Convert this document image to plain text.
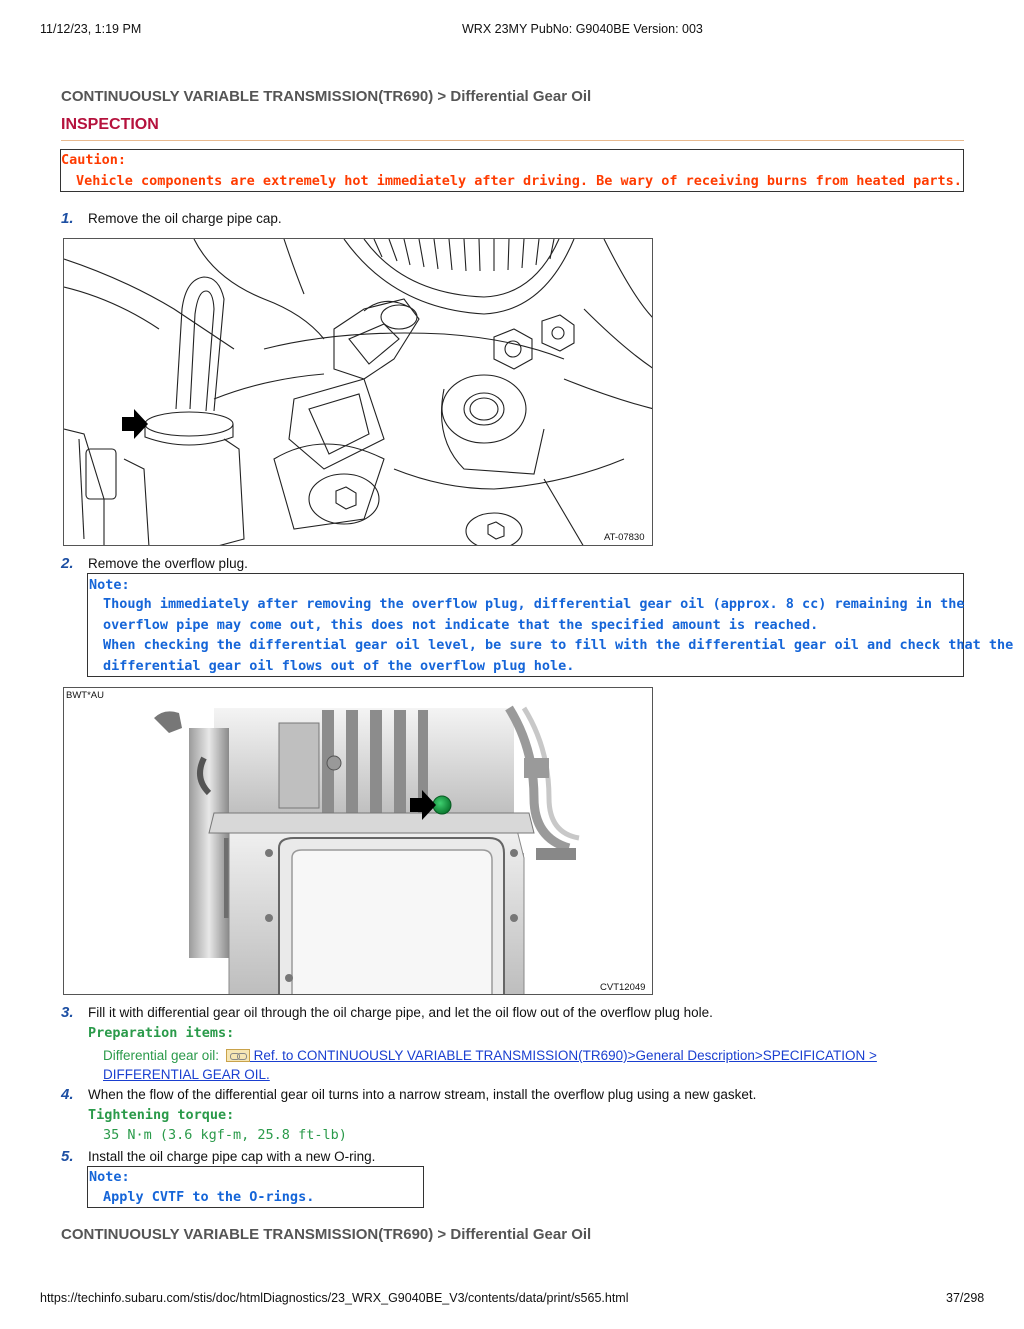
11/12/23, 1:19 PM	WRX 23MY PubNo: G9040BE Version: 003
CONTINUOUSLY VARIABLE TRANSMISSION(TR690) > Differential Gear Oil
INSPECTION
Caution:
Vehicle components are extremely hot immediately after driving. Be wary of receiving burns from heated parts.
1. Remove the oil charge pipe cap.
AT-07830
2. Remove the overflow plug.
Note:
Though immediately after removing the overflow plug, differential gear oil (approx. 8 cc) remaining in the
overflow pipe may come out, this does not indicate that the specified amount is reached.
When checking the differential gear oil level, be sure to fill with the differential gear oil and check that the
differential gear oil flows out of the overflow plug hole.
BWT*AU
CVT12049
3. Fill it with differential gear oil through the oil charge pipe, and let the oil flow out of the overflow plug hole.
Preparation items:
Differential gear oil:
Ref. to CONTINUOUSLY VARIABLE TRANSMISSION(TR690)>General Description>SPECIFICATION >
DIFFERENTIAL GEAR OIL.
4. When the flow of the differential gear oil turns into a narrow stream, install the overflow plug using a new gasket.
Tightening torque:
35 N·m (3.6 kgf-m, 25.8 ft-lb)
5. Install the oil charge pipe cap with a new O-ring.
Note:
Apply CVTF to the O-rings.
CONTINUOUSLY VARIABLE TRANSMISSION(TR690) > Differential Gear Oil
https://techinfo.subaru.com/stis/doc/htmlDiagnostics/23_WRX_G9040BE_V3/contents/data/print/s565.html	37/298
